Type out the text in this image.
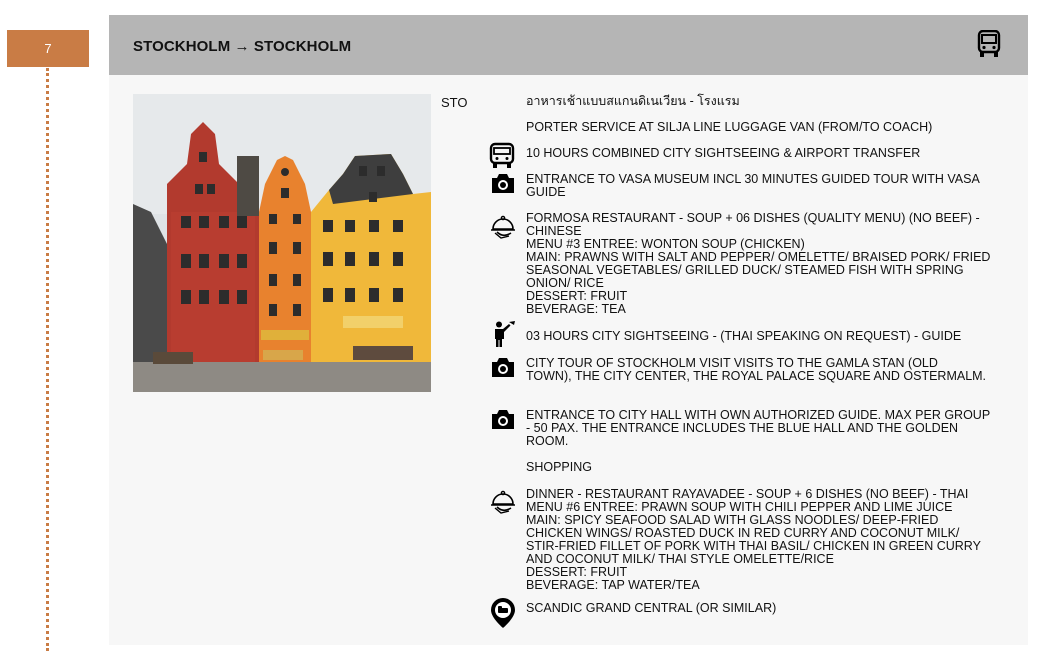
7	STOCKHOLM → STOCKHOLM
STO	อาหารเช้าแบบสแกนดิเนเวียน - โรงแรม
PORTER SERVICE AT SILJA LINE LUGGAGE VAN (FROM/TO COACH)
10 HOURS COMBINED CITY SIGHTSEEING & AIRPORT TRANSFER
ENTRANCE TO VASA MUSEUM INCL 30 MINUTES GUIDED TOUR WITH VASA
GUIDE
FORMOSA RESTAURANT - SOUP + 06 DISHES (QUALITY MENU) (NO BEEF) -
CHINESE
MENU #3 ENTREE: WONTON SOUP (CHICKEN)
MAIN: PRAWNS WITH SALT AND PEPPER/ OMELETTE/ BRAISED PORK/ FRIED
SEASONAL VEGETABLES/ GRILLED DUCK/ STEAMED FISH WITH SPRING
ONION/ RICE
DESSERT: FRUIT
BEVERAGE: TEA
03 HOURS CITY SIGHTSEEING - (THAI SPEAKING ON REQUEST) - GUIDE
CITY TOUR OF STOCKHOLM VISIT VISITS TO THE GAMLA STAN (OLD
TOWN), THE CITY CENTER, THE ROYAL PALACE SQUARE AND OSTERMALM.
ENTRANCE TO CITY HALL WITH OWN AUTHORIZED GUIDE. MAX PER GROUP
- 50 PAX. THE ENTRANCE INCLUDES THE BLUE HALL AND THE GOLDEN
ROOM.
SHOPPING
DINNER - RESTAURANT RAYAVADEE - SOUP + 6 DISHES (NO BEEF) - THAI
MENU #6 ENTREE: PRAWN SOUP WITH CHILI PEPPER AND LIME JUICE
MAIN: SPICY SEAFOOD SALAD WITH GLASS NOODLES/ DEEP-FRIED
CHICKEN WINGS/ ROASTED DUCK IN RED CURRY AND COCONUT MILK/
STIR-FRIED FILLET OF PORK WITH THAI BASIL/ CHICKEN IN GREEN CURRY
AND COCONUT MILK/ THAI STYLE OMELETTE/RICE
DESSERT: FRUIT
BEVERAGE: TAP WATER/TEA
SCANDIC GRAND CENTRAL (OR SIMILAR)
